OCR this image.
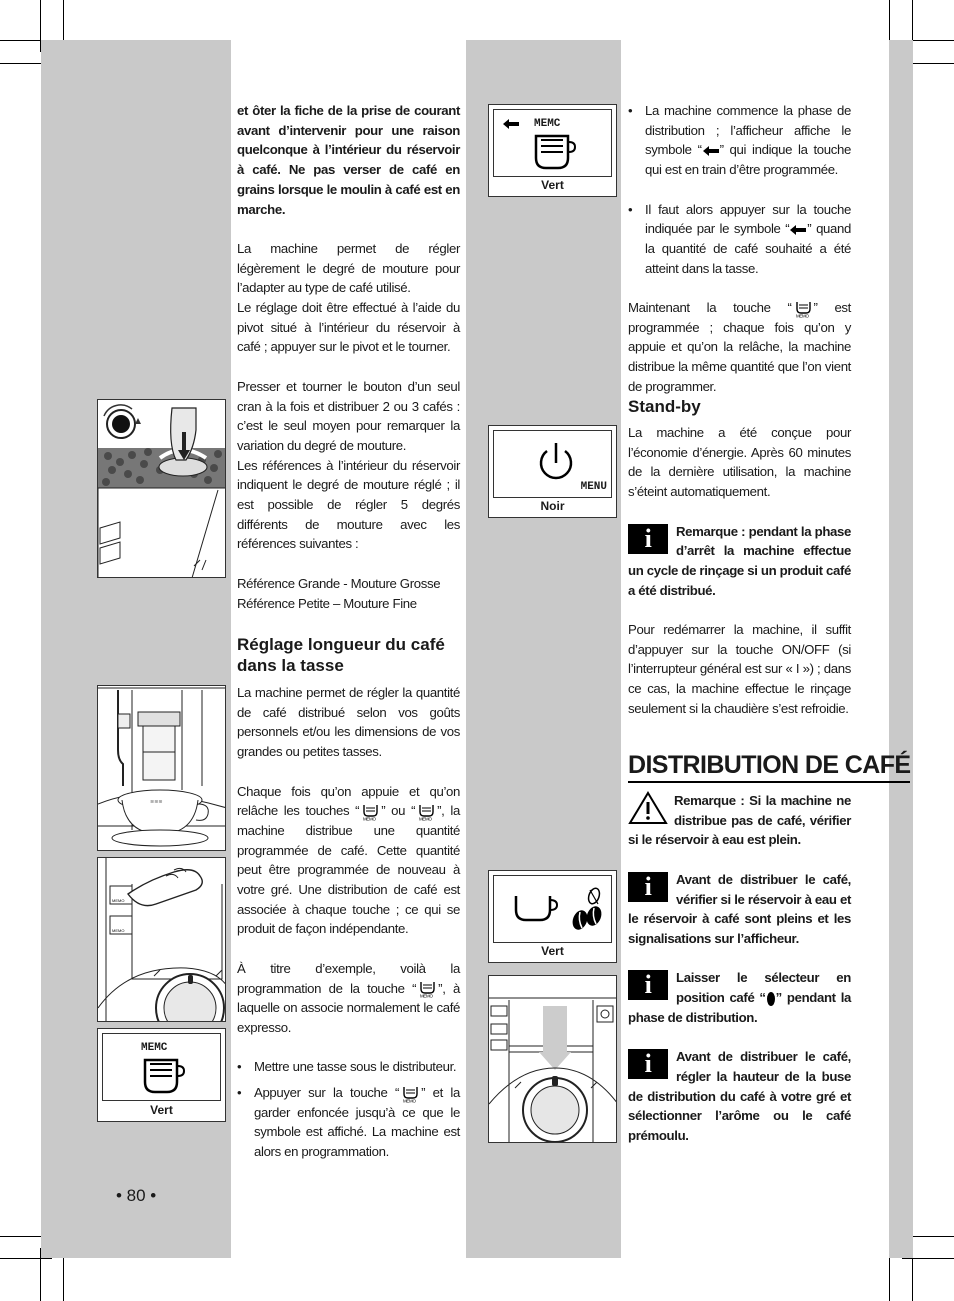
≋≋≋
MEMO
MEMO
MEMC
Vert
MEMC
Vert
MENU
Noir
Vert

et ôter la fiche de la prise de courant avant d’intervenir pour une raison quelconque à l’intérieur du réservoir à café. Ne pas verser de café en grains lorsque le moulin à café est en marche.

La machine permet de régler légèrement le degré de mouture pour l’adapter au type de café utilisé.

Le réglage doit être effectué à l’aide du pivot situé à l’intérieur du réservoir à café ; appuyer sur le pivot et le tourner.

Presser et tourner le bouton d’un seul cran à la fois et distribuer 2 ou 3 cafés : c’est le seul moyen pour remarquer la variation du degré de mouture.

Les références à l’intérieur du réservoir indiquent le degré de mouture réglé ; il est possible de régler 5 degrés différents de mouture avec les références suivantes :

Référence Grande - Mouture Grosse

Référence Petite – Mouture Fine

Réglage longueur du café dans la tasse

La machine permet de régler la quantité de café distribué selon vos goûts personnels et/ou les dimensions de vos grandes ou petites tasses.

Chaque fois qu’on appuie et qu’on relâche les touches “
MEMO
” ou “
MEMO
”, la machine distribue une quantité programmée de café. Cette quantité peut être programmée de nouveau à votre gré. Une distribution de café est associée à chaque touche ; ce qui se produit de façon indépendante.

À titre d’exemple, voilà la programmation de la touche “
MEMO
”, à laquelle on associe normalement le café expresso.

• Mettre une tasse sous le distributeur.
• Appuyer sur la touche “
MEMO
” et la garder enfoncée jusqu’à ce que le symbole est affiché. La machine est alors en programmation.
• 80 •
• La machine commence la phase de distribution ; l’afficheur affiche le symbole “ ” qui indique la touche qui est en train d’être programmée.
• Il faut alors appuyer sur la touche indiquée par le symbole “ ” quand la quantité de café souhaité a été atteint dans la tasse.

Maintenant la touche “
MEMO
” est programmée ; chaque fois qu’on y appuie et qu’on la relâche, la machine distribue la même quantité que l’on vient de programmer.

Stand-by

La machine a été conçue pour l’économie d’énergie. Après 60 minutes de la dernière utilisation, la machine s’éteint automatiquement.

i	Remarque : pendant la phase d’arrêt la machine effectue un cycle de rinçage si un produit café a été distribué.

Pour redémarrer la machine, il suffit d’appuyer sur la touche ON/OFF (si l’interrupteur général est sur « I ») ; dans ce cas, la machine effectue le rinçage seulement si la chaudière s’est refroidie.

DISTRIBUTION DE CAFÉ

Remarque : Si la machine ne distribue pas de café, vérifier si le réservoir à eau est plein.

i	Avant de distribuer le café, vérifier si le réservoir à eau et le réservoir à café sont pleins et les signalisations sur l’afficheur.

i	Laisser le sélecteur en position café “ ” pendant la phase de distribution.

i	Avant de distribuer le café, régler la hauteur de la buse de distribution du café à votre gré et sélectionner l’arôme ou le café prémoulu.
